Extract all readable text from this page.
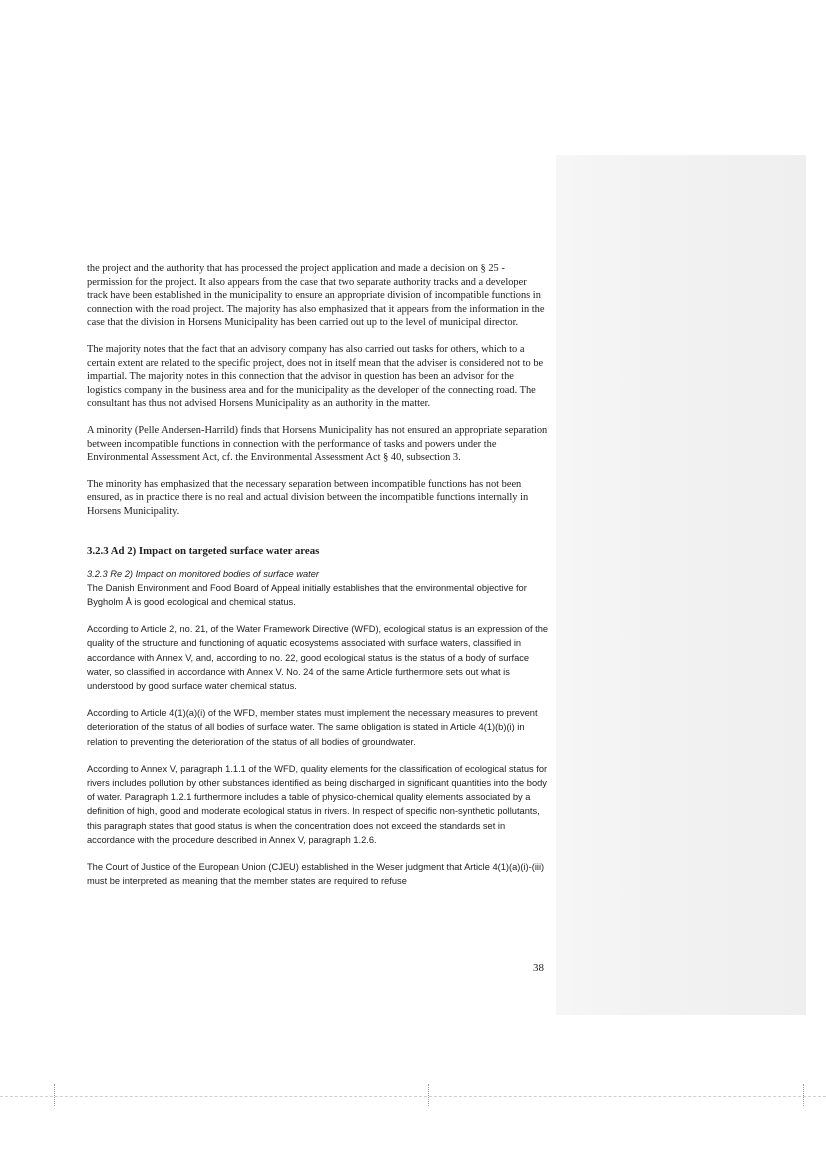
the project and the authority that has processed the project application and made a decision on § 25 - permission for the project. It also appears from the case that two separate authority tracks and a developer track have been established in the municipality to ensure an appropriate division of incompatible functions in connection with the road project. The majority has also emphasized that it appears from the information in the case that the division in Horsens Municipality has been carried out up to the level of municipal director.

The majority notes that the fact that an advisory company has also carried out tasks for others, which to a certain extent are related to the specific project, does not in itself mean that the adviser is considered not to be impartial. The majority notes in this connection that the advisor in question has been an advisor for the logistics company in the business area and for the municipality as the developer of the connecting road. The consultant has thus not advised Horsens Municipality as an authority in the matter.

A minority (Pelle Andersen-Harrild) finds that Horsens Municipality has not ensured an appropriate separation between incompatible functions in connection with the performance of tasks and powers under the Environmental Assessment Act, cf. the Environmental Assessment Act § 40, subsection 3.

The minority has emphasized that the necessary separation between incompatible functions has not been ensured, as in practice there is no real and actual division between the incompatible functions internally in Horsens Municipality.

3.2.3 Ad 2) Impact on targeted surface water areas
3.2.3 Re 2) Impact on monitored bodies of surface water

The Danish Environment and Food Board of Appeal initially establishes that the environmental objective for Bygholm Å is good ecological and chemical status.

According to Article 2, no. 21, of the Water Framework Directive (WFD), ecological status is an expression of the quality of the structure and functioning of aquatic ecosystems associated with surface waters, classified in accordance with Annex V, and, according to no. 22, good ecological status is the status of a body of surface water, so classified in accordance with Annex V. No. 24 of the same Article furthermore sets out what is understood by good surface water chemical status.

According to Article 4(1)(a)(i) of the WFD, member states must implement the necessary measures to prevent deterioration of the status of all bodies of surface water. The same obligation is stated in Article 4(1)(b)(i) in relation to preventing the deterioration of the status of all bodies of groundwater.

According to Annex V, paragraph 1.1.1 of the WFD, quality elements for the classification of ecological status for rivers includes pollution by other substances identified as being discharged in significant quantities into the body of water. Paragraph 1.2.1 furthermore includes a table of physico-chemical quality elements associated by a definition of high, good and moderate ecological status in rivers. In respect of specific non-synthetic pollutants, this paragraph states that good status is when the concentration does not exceed the standards set in accordance with the procedure described in Annex V, paragraph 1.2.6.

The Court of Justice of the European Union (CJEU) established in the Weser judgment that Article 4(1)(a)(i)-(iii) must be interpreted as meaning that the member states are required to refuse

38
